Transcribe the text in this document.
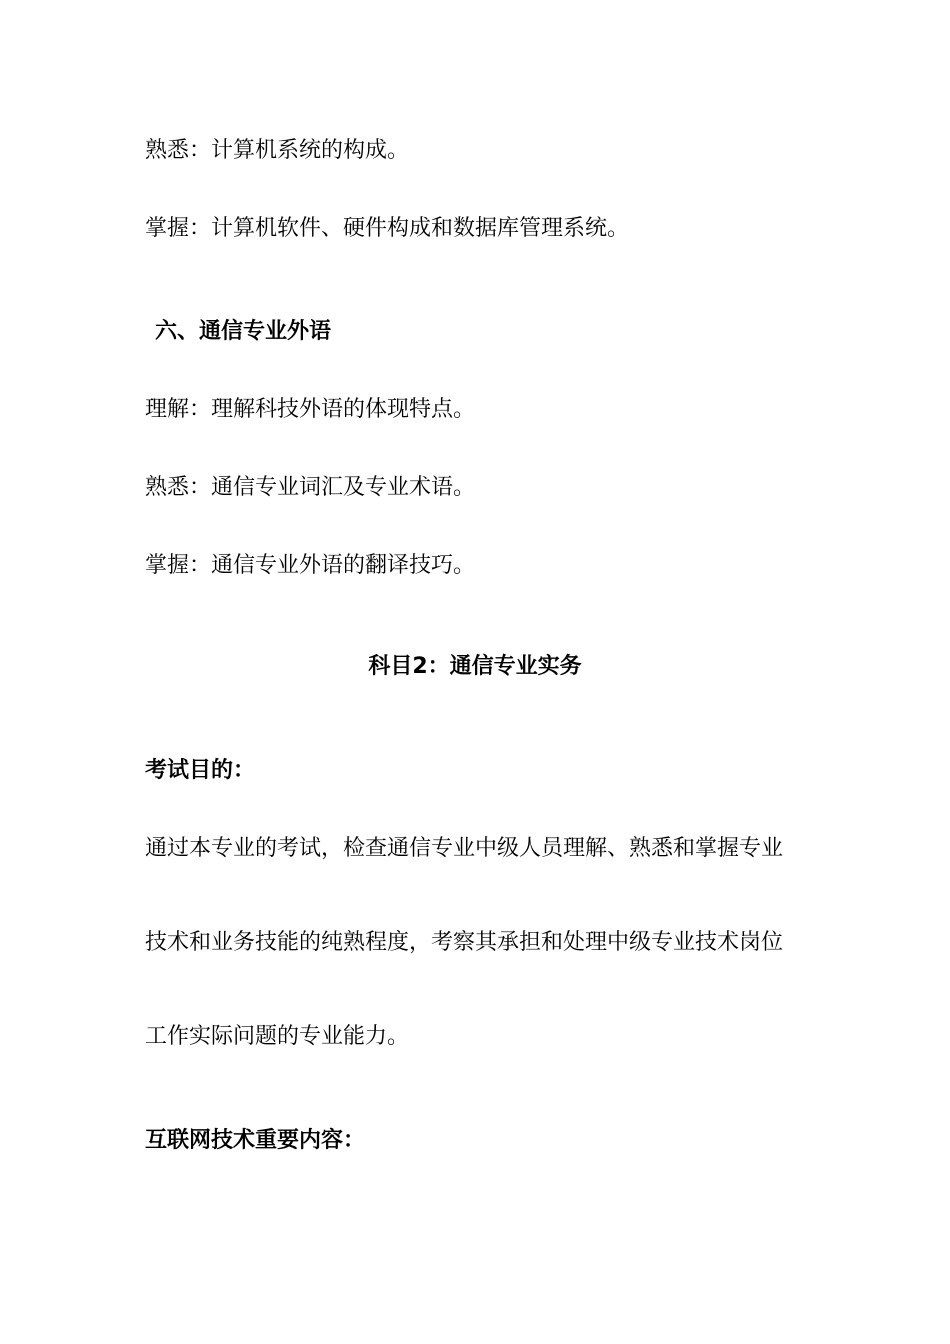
熟悉：计算机系统的构成。
掌握：计算机软件、硬件构成和数据库管理系统。
六、通信专业外语
理解：理解科技外语的体现特点。
熟悉：通信专业词汇及专业术语。
掌握：通信专业外语的翻译技巧。
科目2：通信专业实务
考试目的：
通过本专业的考试，检查通信专业中级人员理解、熟悉和掌握专业
技术和业务技能的纯熟程度，考察其承担和处理中级专业技术岗位
工作实际问题的专业能力。
互联网技术重要内容：
